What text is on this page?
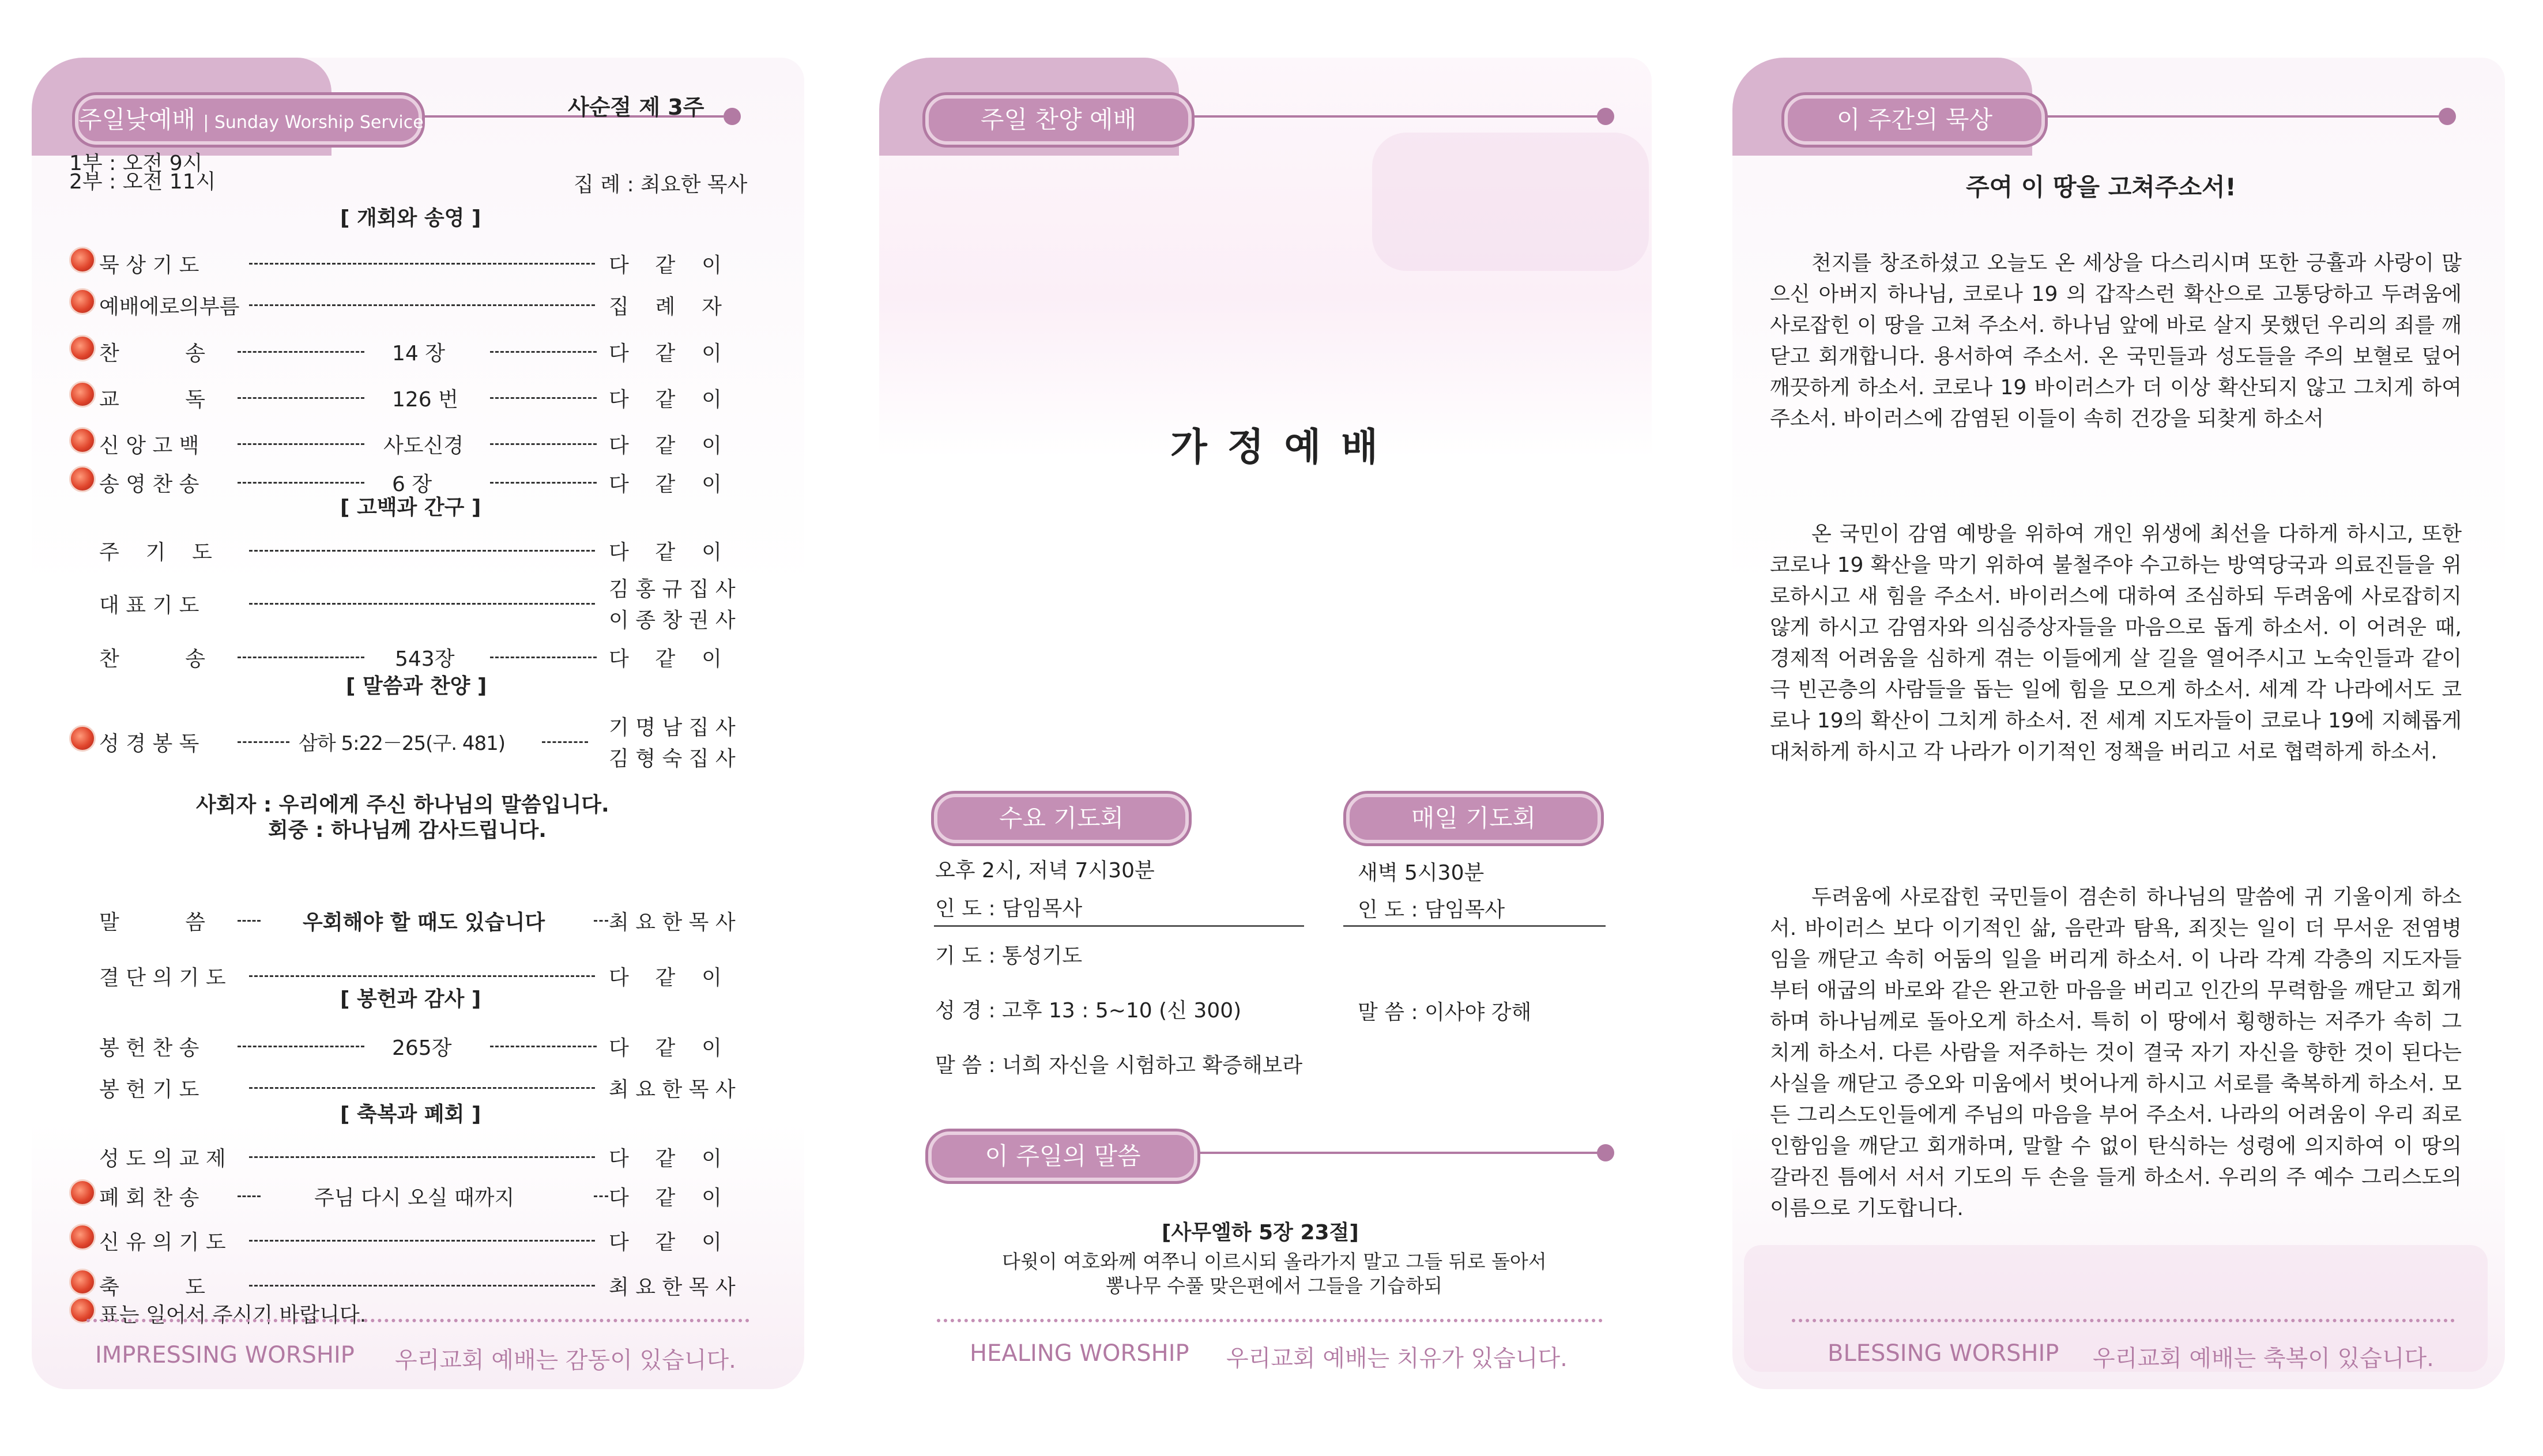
주일낮예배 | Sunday Worship Service
사순절 제 3주
1부 : 오전 9시
2부 : 오전 11시	집 례 : 최요한 목사
[ 개회와 송영 ]
[ 고백과 간구 ]
[ 말씀과 찬양 ]
[ 봉헌과 감사 ]
[ 축복과 폐회 ]
묵 상 기 도	다    같    이
예배에로의부름	집    례    자
찬          송	14 장	다    같    이
교          독	126 번	다    같    이
신 앙 고 백	사도신경	다    같    이
송 영 찬 송	6 장	다    같    이
주    기    도	다    같    이
대 표 기 도
김 홍 규 집 사
이 종 창 권 사
찬          송	543장	다    같    이
성 경 봉 독	삼하 5:22－25(구. 481)
기 명 남 집 사
김 형 숙 집 사
말          씀	우회해야 할 때도 있습니다	최 요 한 목 사
결 단 의 기 도	다    같    이
봉 헌 찬 송	265장	다    같    이
봉 헌 기 도	최 요 한 목 사
성 도 의 교 제	다    같    이
폐 회 찬 송	주님 다시 오실 때까지	다    같    이
신 유 의 기 도	다    같    이
축          도	최 요 한 목 사
사회자 : 우리에게 주신 하나님의 말씀입니다.
회중 : 하나님께 감사드립니다.
표는 일어서 주시기 바랍니다.
IMPRESSING WORSHIP 우리교회 예배는 감동이 있습니다.
주일 찬양 예배
가 정 예 배
수요 기도회	매일 기도회
오후 2시, 저녁 7시30분
인 도 : 담임목사
기 도 : 통성기도
성 경 : 고후 13 : 5~10 (신 300)
말 씀 : 너희 자신을 시험하고 확증해보라
새벽 5시30분
인 도 : 담임목사
말 씀 : 이사야 강해
이 주일의 말씀
[사무엘하 5장 23절]
다윗이 여호와께 여쭈니 이르시되 올라가지 말고 그들 뒤로 돌아서
뽕나무 수풀 맞은편에서 그들을 기습하되
HEALING WORSHIP 우리교회 예배는 치유가 있습니다.
이 주간의 묵상
주여 이 땅을 고쳐주소서!
천지를 창조하셨고 오늘도 온 세상을 다스리시며 또한 긍휼과 사랑이 많으신 아버지 하나님, 코로나 19 의 갑작스런 확산으로 고통당하고 두려움에 사로잡힌 이 땅을 고쳐 주소서. 하나님 앞에 바로 살지 못했던 우리의 죄를 깨닫고 회개합니다. 용서하여 주소서. 온 국민들과 성도들을 주의 보혈로 덮어 깨끗하게 하소서. 코로나 19 바이러스가 더 이상 확산되지 않고 그치게 하여 주소서. 바이러스에 감염된 이들이 속히 건강을 되찾게 하소서
온 국민이 감염 예방을 위하여 개인 위생에 최선을 다하게 하시고, 또한 코로나 19 확산을 막기 위하여 불철주야 수고하는 방역당국과 의료진들을 위로하시고 새 힘을 주소서. 바이러스에 대하여 조심하되 두려움에 사로잡히지 않게 하시고 감염자와 의심증상자들을 마음으로 돕게 하소서. 이 어려운 때, 경제적 어려움을 심하게 겪는 이들에게 살 길을 열어주시고 노숙인들과 같이 극 빈곤층의 사람들을 돕는 일에 힘을 모으게 하소서. 세계 각 나라에서도 코로나 19의 확산이 그치게 하소서. 전 세계 지도자들이 코로나 19에 지혜롭게 대처하게 하시고 각 나라가 이기적인 정책을 버리고 서로 협력하게 하소서.
두려움에 사로잡힌 국민들이 겸손히 하나님의 말씀에 귀 기울이게 하소서. 바이러스 보다 이기적인 삶, 음란과 탐욕, 죄짓는 일이 더 무서운 전염병임을 깨닫고 속히 어둠의 일을 버리게 하소서. 이 나라 각계 각층의 지도자들부터 애굽의 바로와 같은 완고한 마음을 버리고 인간의 무력함을 깨닫고 회개하며 하나님께로 돌아오게 하소서. 특히 이 땅에서 횡행하는 저주가 속히 그치게 하소서. 다른 사람을 저주하는 것이 결국 자기 자신을 향한 것이 된다는 사실을 깨닫고 증오와 미움에서 벗어나게 하시고 서로를 축복하게 하소서. 모든 그리스도인들에게 주님의 마음을 부어 주소서. 나라의 어려움이 우리 죄로 인함임을 깨닫고 회개하며, 말할 수 없이 탄식하는 성령에 의지하여 이 땅의 갈라진 틈에서 서서 기도의 두 손을 들게 하소서. 우리의 주 예수 그리스도의 이름으로 기도합니다.
BLESSING WORSHIP 우리교회 예배는 축복이 있습니다.
